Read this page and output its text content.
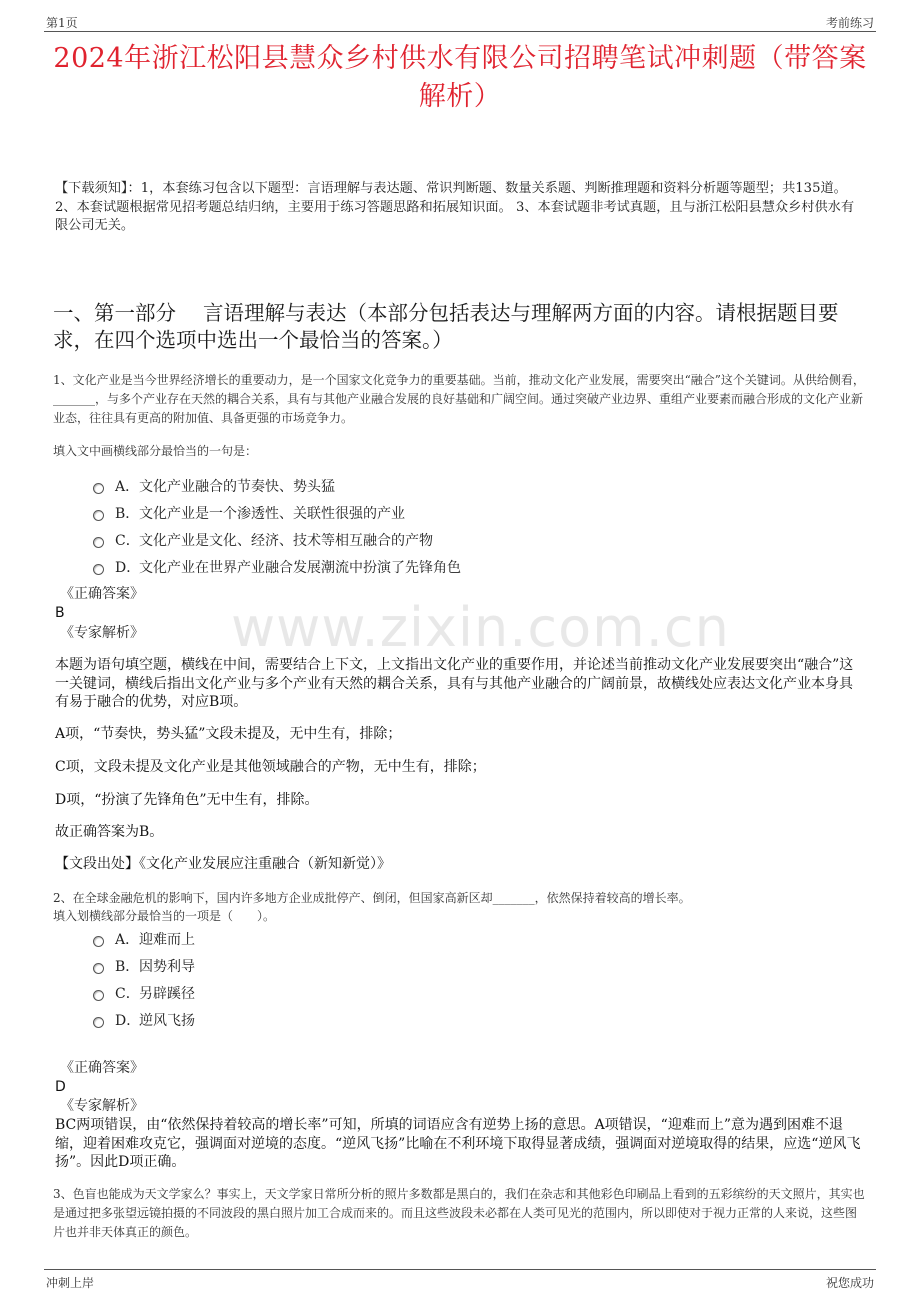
第1页	考前练习
2024年浙江松阳县慧众乡村供水有限公司招聘笔试冲刺题（带答案解析）
【下载须知】：1，本套练习包含以下题型：言语理解与表达题、常识判断题、数量关系题、判断推理题和资料分析题等题型；共135道。 2、本套试题根据常见招考题总结归纳，主要用于练习答题思路和拓展知识面。 3、本套试题非考试真题，且与浙江松阳县慧众乡村供水有限公司无关。
一、第一部分　 言语理解与表达（本部分包括表达与理解两方面的内容。请根据题目要求，在四个选项中选出一个最恰当的答案。）
1、文化产业是当今世界经济增长的重要动力，是一个国家文化竞争力的重要基础。当前，推动文化产业发展，需要突出“融合”这个关键词。从供给侧看，_______，与多个产业存在天然的耦合关系，具有与其他产业融合发展的良好基础和广阔空间。通过突破产业边界、重组产业要素而融合形成的文化产业新业态，往往具有更高的附加值、具备更强的市场竞争力。
填入文中画横线部分最恰当的一句是：
A． 文化产业融合的节奏快、势头猛
B． 文化产业是一个渗透性、关联性很强的产业
C． 文化产业是文化、经济、技术等相互融合的产物
D．
文化产业在世界产业融合发展潮流中扮演了先锋角色
《正确答案》
B
《专家解析》 www.zixin.com.cn
本题为语句填空题，横线在中间，需要结合上下文，上文指出文化产业的重要作用，并论述当前推动文化产业发展要突出“融合”这一关键词，横线后指出文化产业与多个产业有天然的耦合关系，具有与其他产业融合的广阔前景，故横线处应表达文化产业本身具有易于融合的优势，对应B项。
A项，“节奏快，势头猛”文段未提及，无中生有，排除；
C项，文段未提及文化产业是其他领域融合的产物，无中生有，排除；
D项，“扮演了先锋角色”无中生有，排除。
故正确答案为B。
【文段出处】《文化产业发展应注重融合（新知新觉）》
2、在全球金融危机的影响下，国内许多地方企业成批停产、倒闭，但国家高新区却_______，依然保持着较高的增长率。
填入划横线部分最恰当的一项是（　　）。
A． 迎难而上
B． 因势利导
C． 另辟蹊径
D．
逆风飞扬
《正确答案》
D
《专家解析》
BC两项错误，由“依然保持着较高的增长率”可知，所填的词语应含有逆势上扬的意思。A项错误，“迎难而上”意为遇到困难不退缩，迎着困难攻克它，强调面对逆境的态度。“逆风飞扬”比喻在不利环境下取得显著成绩，强调面对逆境取得的结果，应选“逆风飞扬”。因此D项正确。
3、色盲也能成为天文学家么？事实上，天文学家日常所分析的照片多数都是黑白的，我们在杂志和其他彩色印刷品上看到的五彩缤纷的天文照片，其实也是通过把多张望远镜拍摄的不同波段的黑白照片加工合成而来的。而且这些波段未必都在人类可见光的范围内，所以即使对于视力正常的人来说，这些图片也并非天体真正的颜色。
冲刺上岸	祝您成功
